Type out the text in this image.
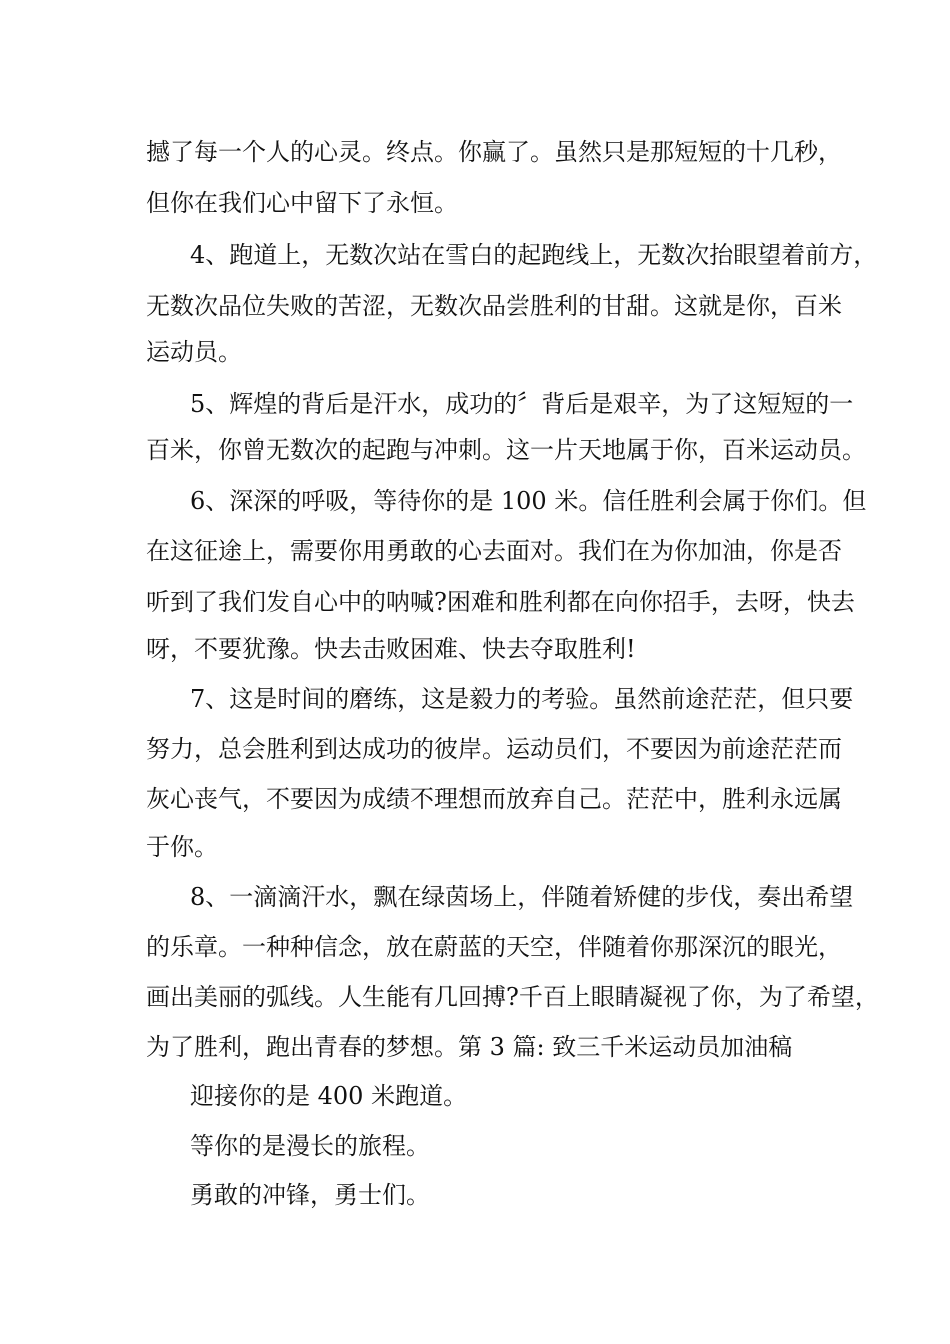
撼了每一个人的心灵。终点。你赢了。虽然只是那短短的十几秒，
但你在我们心中留下了永恒。
4、跑道上，无数次站在雪白的起跑线上，无数次抬眼望着前方，
无数次品位失败的苦涩，无数次品尝胜利的甘甜。这就是你，百米
运动员。
5、辉煌的背后是汗水，成功的〞背后是艰辛，为了这短短的一
百米，你曾无数次的起跑与冲刺。这一片天地属于你，百米运动员。
6、深深的呼吸，等待你的是 100 米。信任胜利会属于你们。但
在这征途上，需要你用勇敢的心去面对。我们在为你加油，你是否
听到了我们发自心中的呐喊?困难和胜利都在向你招手，去呀，快去
呀，不要犹豫。快去击败困难、快去夺取胜利!
7、这是时间的磨练，这是毅力的考验。虽然前途茫茫，但只要
努力，总会胜利到达成功的彼岸。运动员们，不要因为前途茫茫而
灰心丧气，不要因为成绩不理想而放弃自己。茫茫中，胜利永远属
于你。
8、一滴滴汗水，飘在绿茵场上，伴随着矫健的步伐，奏出希望
的乐章。一种种信念，放在蔚蓝的天空，伴随着你那深沉的眼光，
画出美丽的弧线。人生能有几回搏?千百上眼睛凝视了你，为了希望，
为了胜利，跑出青春的梦想。第 3 篇: 致三千米运动员加油稿
迎接你的是 400 米跑道。
等你的是漫长的旅程。
勇敢的冲锋，勇士们。
